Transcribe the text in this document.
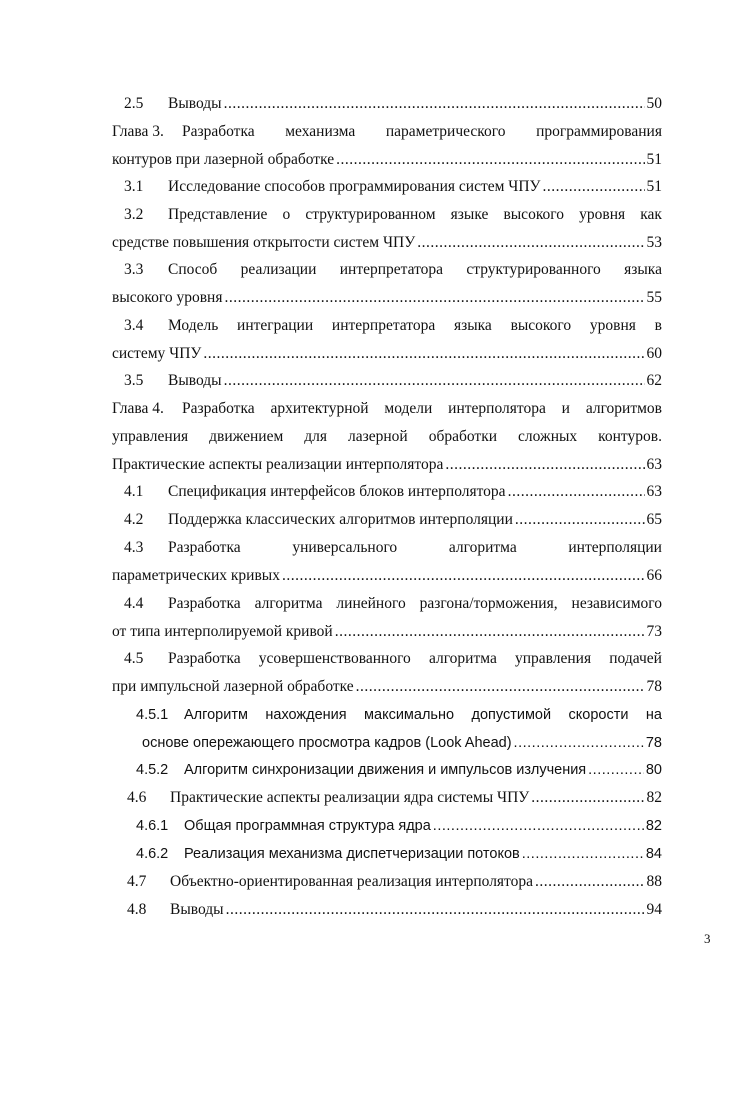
2.5 Выводы .....	50
Глава 3. Разработка механизма параметрического программирования
контуров при лазерной обработке .....	51
3.1 Исследование способов программирования систем ЧПУ .....	51
3.2 Представление о структурированном языке высокого уровня как
средстве повышения открытости систем ЧПУ .....	53
3.3 Способ реализации интерпретатора структурированного языка
высокого уровня .....	55
3.4 Модель интеграции интерпретатора языка высокого уровня в
систему ЧПУ .....	60
3.5 Выводы .....	62
Глава 4. Разработка архитектурной модели интерполятора и алгоритмов
управления движением для лазерной обработки сложных контуров.
Практические аспекты реализации интерполятора .....	63
4.1 Спецификация интерфейсов блоков интерполятора .....	63
4.2 Поддержка классических алгоритмов интерполяции .....	65
4.3 Разработка	универсального	алгоритма	интерполяции
параметрических кривых .....	66
4.4 Разработка алгоритма линейного разгона/торможения, независимого
от типа интерполируемой кривой .....	73
4.5 Разработка усовершенствованного алгоритма управления подачей
при импульсной лазерной обработке .....	78
4.5.1 Алгоритм нахождения максимально допустимой скорости на
основе опережающего просмотра кадров (Look Ahead) .....	78
4.5.2 Алгоритм синхронизации движения и импульсов излучения .....	80
4.6 Практические аспекты реализации ядра системы ЧПУ .....	82
4.6.1 Общая программная структура ядра .....	82
4.6.2 Реализация механизма диспетчеризации потоков .....	84
4.7 Объектно-ориентированная реализация интерполятора .....	88
4.8 Выводы .....	94
3
